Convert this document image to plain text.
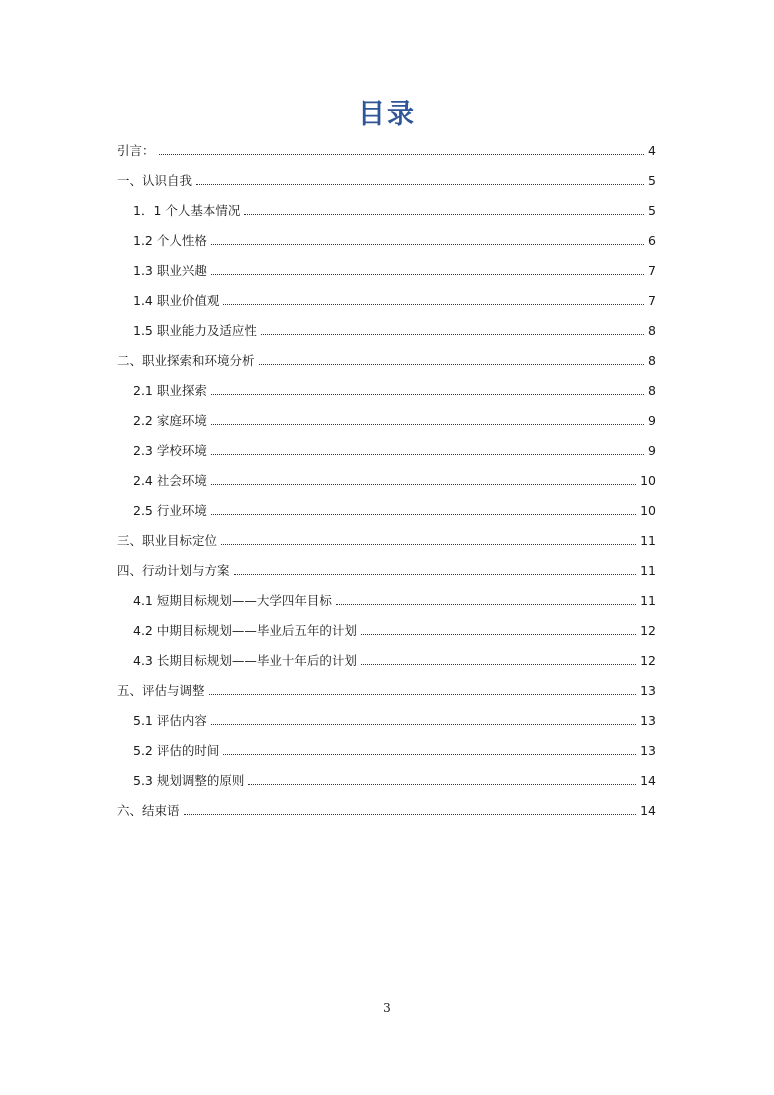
目录
引言：	4
一、认识自我	5
1．1 个人基本情况	5
1.2 个人性格	6
1.3 职业兴趣	7
1.4 职业价值观	7
1.5 职业能力及适应性	8
二、职业探索和环境分析	8
2.1 职业探索	8
2.2 家庭环境	9
2.3 学校环境	9
2.4 社会环境	10
2.5 行业环境	10
三、职业目标定位	11
四、行动计划与方案	11
4.1 短期目标规划——大学四年目标	11
4.2 中期目标规划——毕业后五年的计划	12
4.3 长期目标规划——毕业十年后的计划	12
五、评估与调整	13
5.1 评估内容	13
5.2 评估的时间	13
5.3 规划调整的原则	14
六、结束语	14
3
